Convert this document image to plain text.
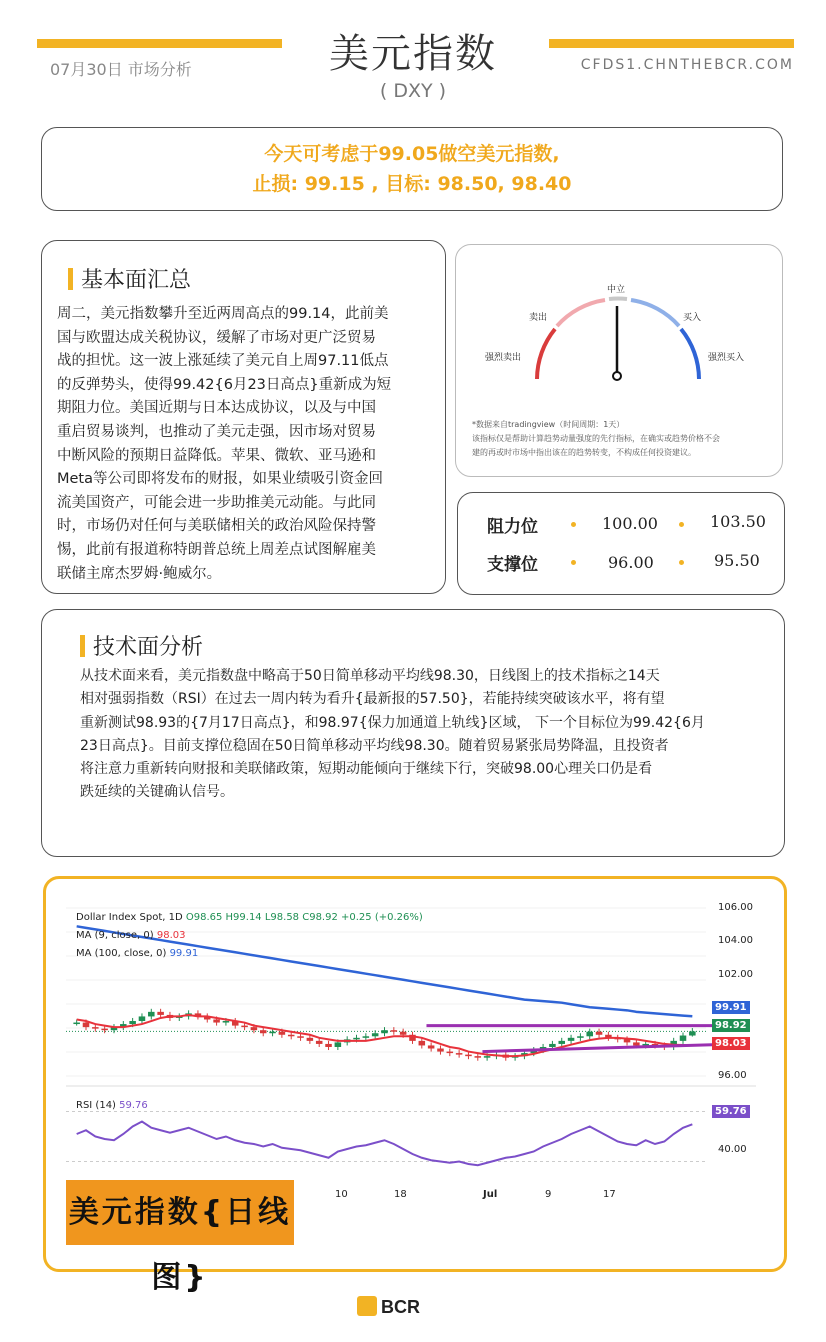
美元指数
( DXY )
07月30日 市场分析	CFDS1.CHNTHEBCR.COM
今天可考虑于99.05做空美元指数,
止损: 99.15 , 目标: 98.50, 98.40
基本面汇总
周二，美元指数攀升至近两周高点的99.14，此前美
国与欧盟达成关税协议，缓解了市场对更广泛贸易
战的担忧。这一波上涨延续了美元自上周97.11低点
的反弹势头，使得99.42{6月23日高点}重新成为短
期阻力位。美国近期与日本达成协议，以及与中国
重启贸易谈判，也推动了美元走强，因市场对贸易
中断风险的预期日益降低。苹果、微软、亚马逊和
Meta等公司即将发布的财报，如果业绩吸引资金回
流美国资产，可能会进一步助推美元动能。与此同
时，市场仍对任何与美联储相关的政治风险保持警
惕，此前有报道称特朗普总统上周差点试图解雇美
联储主席杰罗姆·鲍威尔。
强烈卖出
卖出
中立
买入
强烈买入
*数据来自tradingview（时间周期：1天）
该指标仅是帮助计算趋势动量强度的先行指标，在确实或趋势价格不会
建的再或时市场中指出该在的趋势转变，不构成任何投资建议。
阻力位	100.00	103.50
支撑位	96.00	95.50
技术面分析
从技术面来看，美元指数盘中略高于50日简单移动平均线98.30，日线图上的技术指标之14天
相对强弱指数（RSI）在过去一周内转为看升{最新报的57.50}，若能持续突破该水平，将有望
重新测试98.93的{7月17日高点}，和98.97{保力加通道上轨线}区域， 下一个目标位为99.42{6月
23日高点}。目前支撑位稳固在50日简单移动平均线98.30。随着贸易紧张局势降温，且投资者
将注意力重新转向财报和美联储政策，短期动能倾向于继续下行，突破98.00心理关口仍是看
跌延续的关键确认信号。
Dollar Index Spot, 1D O98.65 H99.14 L98.58 C98.92 +0.25 (+0.26%)
MA (9, close, 0) 98.03
MA (100, close, 0) 99.91
RSI (14) 59.76
106.00
104.00
102.00
96.00
40.00
99.91
98.92
98.03
59.76
10	18	Jul	9	17
美元指数{日线图}
BCR
